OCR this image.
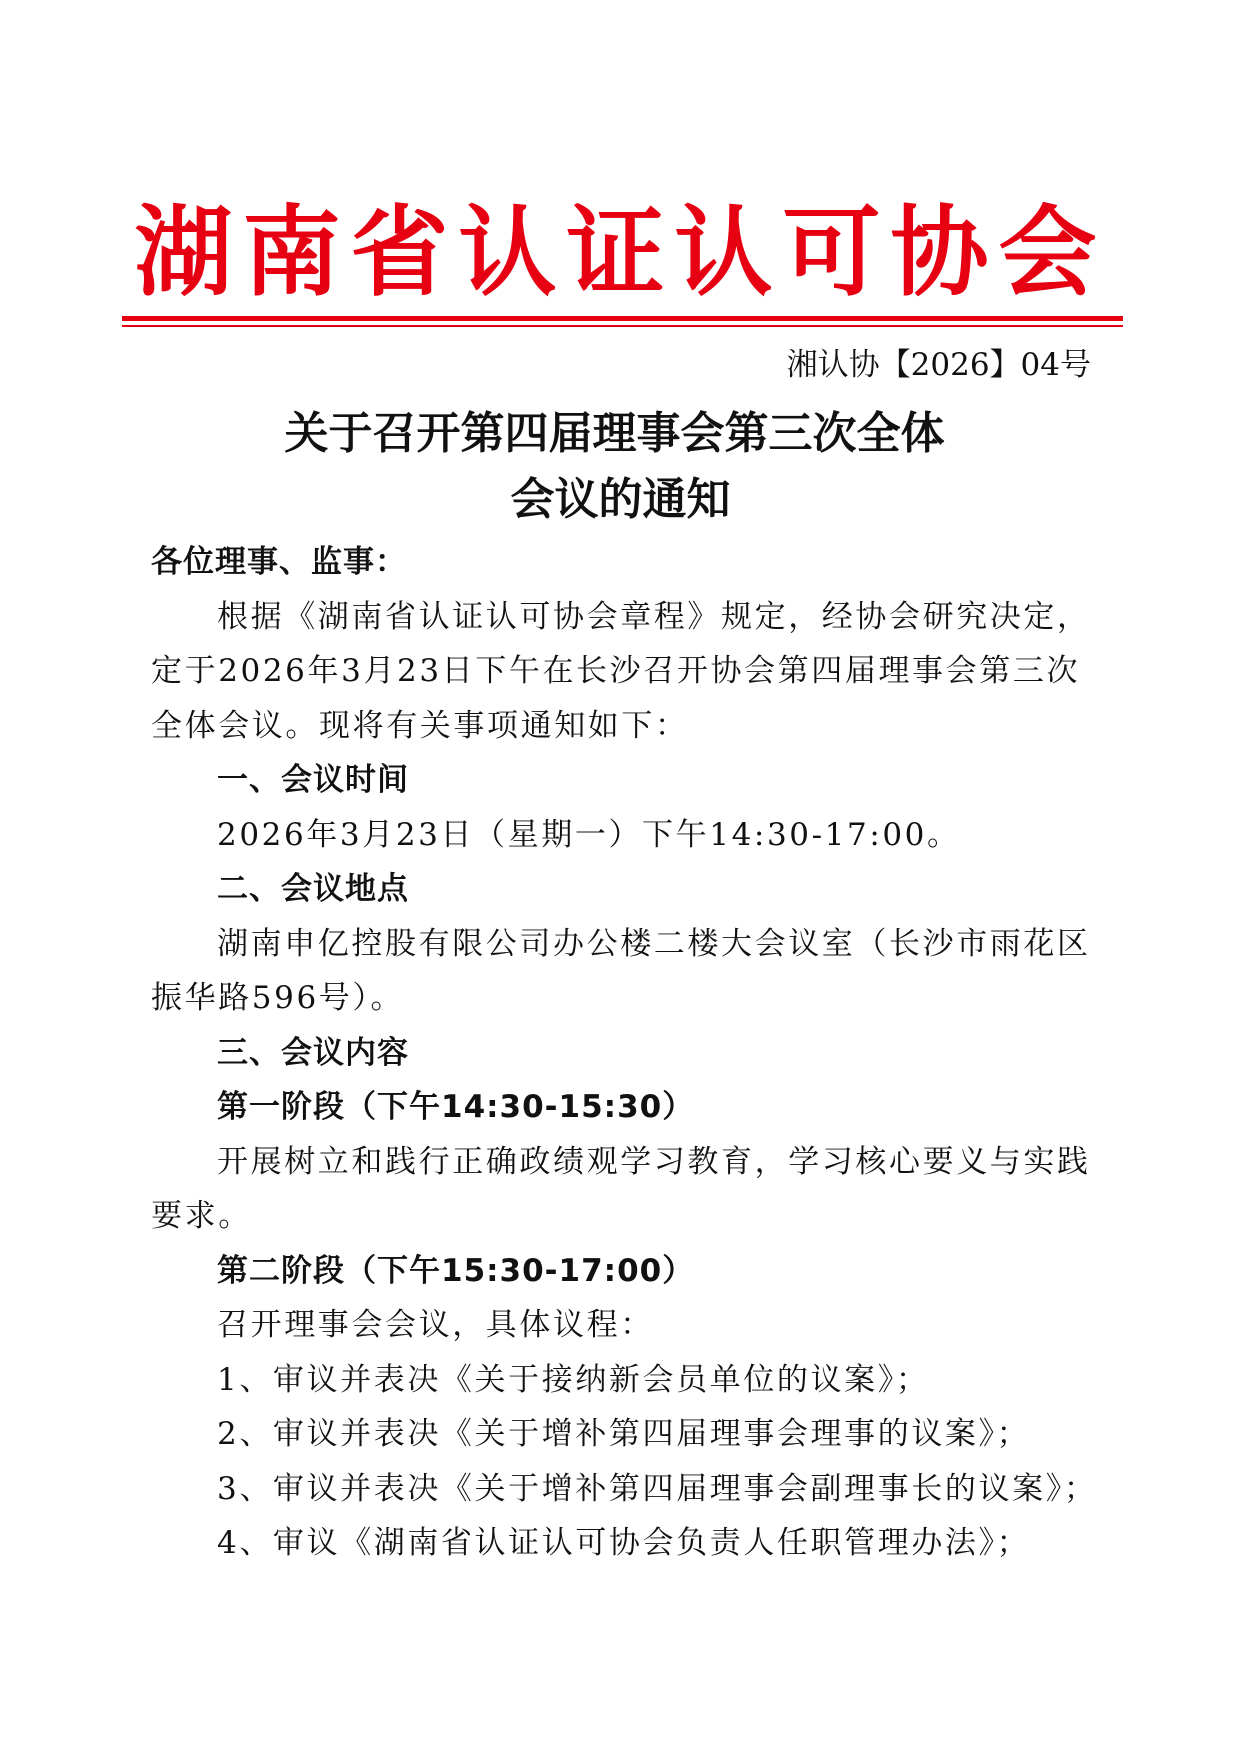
湖南省认证认可协会
湘认协【2026】04号
关于召开第四届理事会第三次全体
会议的通知
各位理事、监事：
根据《湖南省认证认可协会章程》规定，经协会研究决定，
定于2026年3月23日下午在长沙召开协会第四届理事会第三次
全体会议。现将有关事项通知如下：
一、会议时间
2026年3月23日（星期一）下午14:30-17:00。
二、会议地点
湖南申亿控股有限公司办公楼二楼大会议室（长沙市雨花区
振华路596号）。
三、会议内容
第一阶段（下午14:30-15:30）
开展树立和践行正确政绩观学习教育，学习核心要义与实践
要求。
第二阶段（下午15:30-17:00）
召开理事会会议，具体议程：
1、审议并表决《关于接纳新会员单位的议案》；
2、审议并表决《关于增补第四届理事会理事的议案》；
3、审议并表决《关于增补第四届理事会副理事长的议案》；
4、审议《湖南省认证认可协会负责人任职管理办法》；
